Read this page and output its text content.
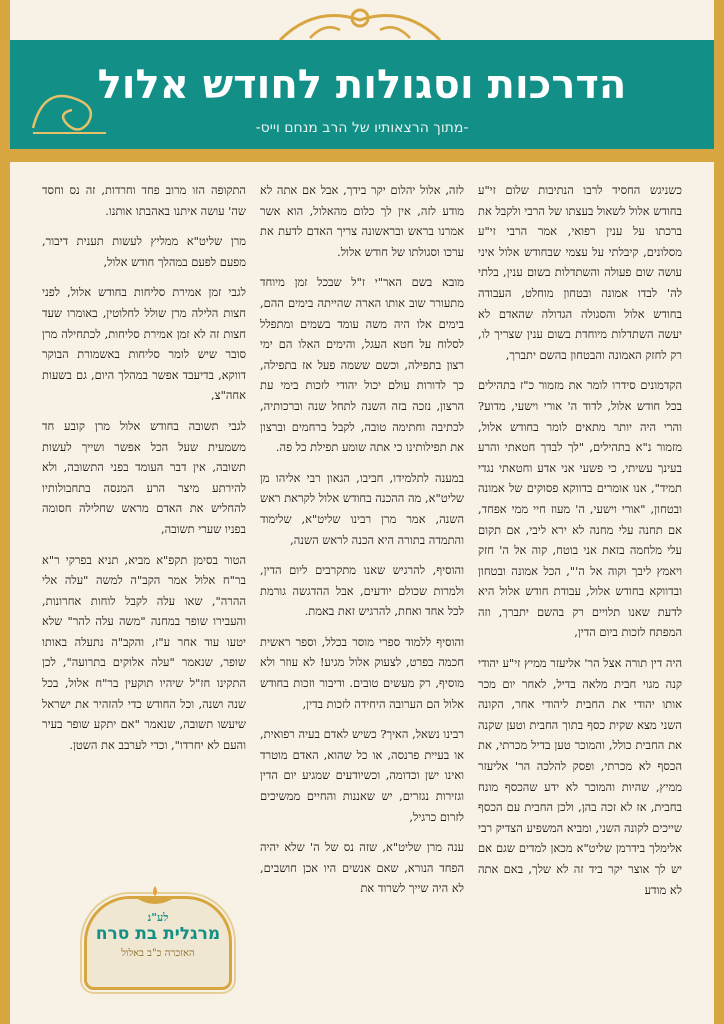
הדרכות וסגולות לחודש אלול
-מתוך הרצאותיו של הרב מנחם וייס-

כשניגש החסיד לרבו הנתיבות שלום זי"ע בחודש אלול לשאול בעצתו של הרבי ולקבל את ברכתו על ענין רפואי, אמר הרבי זי"ע מסלונים, קיבלתי על עצמי שבחודש אלול איני עושה שום פעולה והשתדלות בשום ענין, בלתי לה' לבדו אמונה ובטחון מוחלט, העבודה בחודש אלול והסגולה הגדולה שהאדם לא יעשה השתדלות מיוחדת בשום ענין שצריך לו, רק לחזק האמונה והבטחון בהשם יתברך,

הקדמונים סידרו לומר את מזמור כ"ז בתהילים בכל חודש אלול, לדוד ה' אורי וישעי, מדוע? והרי היה יותר מתאים לומר בחודש אלול, מזמור נ"א בתהילים, "לך לבדך חטאתי והרע בעינך עשיתי, כי פשעי אני אדע וחטאתי נגדי תמיד", אנו אומרים בדווקא פסוקים של אמונה ובטחון, "אורי וישעי, ה' מעוז חיי ממי אפחד, אם תחנה עלי מחנה לא ירא ליבי, אם תקום עלי מלחמה בזאת אני בוטח, קוה אל ה' חזק ויאמץ ליבך וקוה אל ה'", הכל אמונה ובטחון ובדווקא בחודש אלול, עבודת חודש אלול היא לדעת שאנו תלויים רק בהשם יתברך, וזה המפתח לזכות ביום הדין,

היה דין תורה אצל הר' אליעזר ממיץ זי"ע יהודי קנה מגוי חבית מלאה בדיל, לאחר יום מכר אותו יהודי את החבית ליהודי אחר, הקונה השני מצא שקית כסף בתוך החבית וטען שקנה את החבית כולל, והמוכר טען בדיל מכרתי, את הכסף לא מכרתי, ופסק להלכה הר' אליעזר ממיץ, שהיות והמוכר לא ידע שהכסף מונח בחבית, אז לא זכה בהן, ולכן החבית עם הכסף שייכים לקונה השני, ומביא המשפיע הצדיק רבי אלימלך בידרמן שליט"א מכאן למדים שגם אם יש לך אוצר יקר ביד זה לא שלך, באם אתה לא מודע

לזה, אלול יהלום יקר בידך, אבל אם אתה לא מודע לזה, אין לך כלום מהאלול, הוא אשר אמרנו בראש ובראשונה צריך האדם לדעת את ערכו וסגולתו של חודש אלול.

מובא בשם האר"י ז"ל שבכל זמן מיוחד מתעורר שוב אותו הארה שהייתה בימים ההם, בימים אלו היה משה עומד בשמים ומתפלל לסלוח על חטא העגל, והימים האלו הם ימי רצון בתפילה, וכשם ששמה פעל אז בתפילה, כך לדורות עולם יכול יהודי לזכות בימי עת הרצון, נזכה בזה השנה לתחל שנה וברכותיה, לכתיבה וחתימה טובה, לקבל ברחמים וברצון את תפילותינו כי אתה שומע תפילת כל פה.

במענה לתלמידו, חביבו, הגאון רבי אליהו מן שליט"א, מה ההכנה בחודש אלול לקראת ראש השנה, אמר מרן רבינו שליט"א, שלימוד והתמדה בתורה היא הכנה לראש השנה,

והוסיף, להרגיש שאנו מתקרבים ליום הדין, ולמרות שכולם יודעים, אבל ההדגשה גורמת לכל אחד ואחת, להרגיש זאת באמת.

והוסיף ללמוד ספרי מוסר בכלל, וספר ראשית חכמה בפרט, לצעוק אלול מגיע! לא עוזר ולא מוסיף, רק מעשים טובים. ודיבור וזכות בחודש אלול הם הערובה היחידה לזכות בדין,

רבינו נשאל, האיך? כשיש לאדם בעיה רפואית, או בעיית פרנסה, או כל שהוא, האדם מוטרד ואינו ישן וכדומה, וכשיודעים שמגיע יום הדין וגזירות נגזרים, יש שאננות והחיים ממשיכים לזרום כרגיל,

ענה מרן שליט"א, שזה נס של ה' שלא יהיה הפחד הנורא, שאם אנשים היו אכן חושבים, לא היה שייך לשרוד את

התקופה הזו מרוב פחד וחרדות, זה נס וחסד שה' עושה איתנו באהבתו אותנו.

מרן שליט"א ממליץ לעשות תענית דיבור, מפעם לפעם במהלך חודש אלול,

לגבי זמן אמירת סליחות בחודש אלול, לפני חצות הלילה מרן שולל לחלוטין, באומרו שעד חצות זה לא זמן אמירת סליחות, לכתחילה מרן סובר שיש לומר סליחות באשמורת הבוקר דווקא, בדיעבד אפשר במהלך היום, גם בשעות אחה"צ,

לגבי תשובה בחודש אלול מרן קובע חד משמעית שעל הכל אפשר ושייך לעשות תשובה, אין דבר העומד בפני התשובה, ולא להירתע מיצר הרע המנסה בתחבולותיו להחליש את האדם מראש שחלילה חסומה בפניו שערי תשובה,

הטור בסימן תקפ"א מביא, תניא בפרקי ר"א בר"ח אלול אמר הקב"ה למשה "עלה אלי ההרה", שאו עלה לקבל לוחות אחרונות, והעבירו שופר במחנה "משה עלה להר" שלא יטעו עוד אחר ע"ז, והקב"ה נתעלה באותו שופר, שנאמר "עלה אלוקים בתרועה", לכן התקינו חז"ל שיהיו תוקעין בר"ח אלול, בכל שנה ושנה, וכל החודש כדי להזהיר את ישראל שיעשו תשובה, שנאמר "אם יתקע שופר בעיר והעם לא יחרדו", וכדי לערבב את השטן.

לע"נ
מרגלית בת סרח
האזכרה כ"ב באלול
